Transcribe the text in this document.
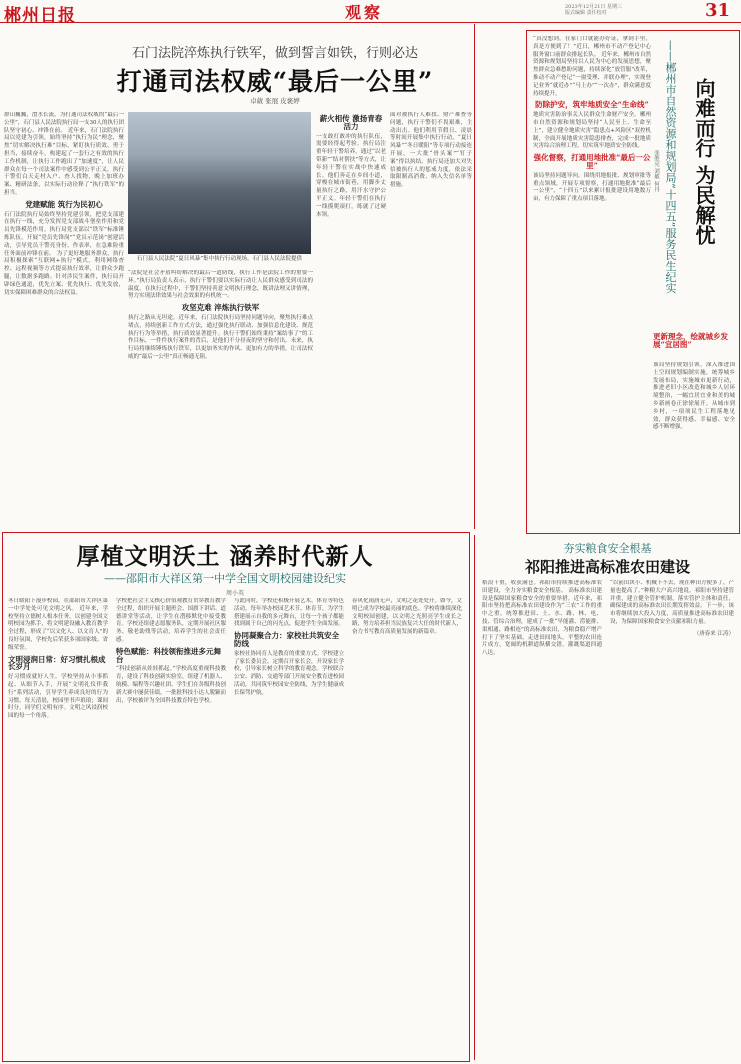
郴州日报	观察	2023年12月21日 星期三
版式编辑 责任校对	31
石门法院淬炼执行铁军，做到誓言如铁，行则必达
打通司法权威“最后一公里”
卓葳 张展 皮褒婷
群山巍巍，澧水长流。为打通司法权威的“最后一公里”，石门县人民法院执行局一支30人的执行团队坚守初心、冲锋在前。 近年来，石门法院执行局以党建为引领，始终坚持“执行为民”理念，聚焦“切实解决执行难”目标，紧盯执行质效，勇于担当，接续奋斗，构建起了一套行之有效的执行工作机制，让执行工作跑出了“加速度”，让人民群众在每一个司法案件中感受到公平正义。执行干警们白天走村入户、查人找物，晚上加班办案、精研法条，以实际行动诠释了“执行铁军”的担当。
党建赋能 筑行为民初心
石门法院执行局始终坚持党建引领，把党支部建在执行一线，充分发挥党支部战斗堡垒作用和党员先锋模范作用。执行局党支部以“铁军”标准锤炼队伍，开展“党员先锋岗”“党员示范岗”创建活动，引导党员干警亮身份、作表率，在急难险重任务面前冲锋在前。 为了更好地服务群众，执行局积极探索“互联网+执行”模式，利用网络查控、远程视频等方式提高执行效率，让群众少跑腿，让数据多跑路。针对涉民生案件，执行局开辟绿色通道，优先立案、优先执行、优先发放，切实保障困难群众的合法权益。
石门县人民法院“夏日风暴”集中执行行动现场。石门县人民法院提供
薪火相传 激扬青春活力
一支敢打敢冲的执行队伍，需要经得起考验。执行局注重年轻干警培养，通过“以老带新”“结对帮扶”等方式，让年轻干警在实战中快速成长。他们奔走在乡间小道，穿梭在城市街巷，用脚步丈量执行之路，用汗水守护公平正义。年轻干警们在执行一线摸爬滚打，练就了过硬本领。
面对被执行人难找、财产难查等问题，执行干警们不畏艰难，主动出击。他们利用节假日、凌晨等时间开展集中执行行动，“夏日风暴”“冬日暖阳”等专项行动接连开展，一大批“骨头案”“钉子案”得以执结。执行局还加大对失信被执行人的惩戒力度，依法采取限制高消费、纳入失信名单等措施。
“法院是社会矛盾纠纷解决的最后一道防线，执行工作是法院工作的重要一环。”执行局负责人表示，执行干警们要以实际行动让人民群众感受到司法的温度。在执行过程中，干警们坚持善意文明执行理念，既讲法理又讲情理，努力实现法律效果与社会效果的有机统一。
攻坚克难 淬炼执行铁军
执行之路从无坦途。近年来，石门法院执行局坚持问题导向，聚焦执行难点堵点，持续创新工作方式方法，通过强化执行联动、加强信息化建设、规范执行行为等举措，执行质效显著提升。执行干警们始终秉持“案结事了”的工作目标，一件件执行案件的背后，是他们不分昼夜的坚守和付出。未来，执行局将继续锤炼执行铁军，以更加务实的作风、更加有力的举措，让司法权威的“最后一公里”真正畅通无阻。
向难而行 为民解忧
——郴州市自然资源和规划局“十四五”服务民生纪实
张胜亮 刘敏 何丹
“真没想到，在家门口就能办好证，拿到手里，真是方便到了！”近日，郴州市不动产登记中心服务窗口前群众排起长队。 近年来，郴州市自然资源和规划局坚持以人民为中心的发展思想，聚焦群众急难愁盼问题，持续深化“放管服”改革，推动不动产登记“一窗受理、并联办理”，实现登记业务“就近办”“马上办”“一次办”，群众满意度持续提升。
防除护安，筑牢地质安全“生命线”
地质灾害防治事关人民群众生命财产安全。郴州市自然资源和规划局坚持“人民至上、生命至上”，建立健全地质灾害“隐患点+风险区”双控机制，全面开展地质灾害隐患排查，完成一批地质灾害综合治理工程，切实筑牢地质安全防线。
强化督察，打通用地批准“最后一公里”
该局坚持问题导向，围绕用地报批、规划审批等重点领域，开展专项督察，打通用地批准“最后一公里”，“十四五”以来累计报批建设用地数万亩，有力保障了重点项目落地。
更新理念，绘就城乡发展“宜居图”
该局坚持规划引领，深入推进国土空间规划编制实施，统筹城乡发展布局，实施城市更新行动，推进老旧小区改造和城乡人居环境整治，一幅宜居宜业和美的城乡新画卷正徐徐展开。从城市到乡村，一项项民生工程落地见效，群众获得感、幸福感、安全感不断增强。
厚植文明沃土 涵养时代新人
——邵阳市大祥区第一中学全国文明校园建设纪实
周小英
冬日暖阳下漫步校园，在邵阳市大祥区第一中学处处可见文明之风。 近年来，学校坚持立德树人根本任务，以创建全国文明校园为抓手，将文明建设融入教育教学全过程，形成了“以文化人、以文育人”的良好氛围，学校先后荣获多项国家级、省级荣誉。
文明浸润日常：好习惯扎根成长岁月
好习惯成就好人生。学校坚持从小事抓起、从细节入手，开展“文明礼仪伴我行”系列活动，引导学生养成良好的行为习惯。每天清晨，校园里书声琅琅；课间时分，同学们文明有序。文明之风浸润校园的每一个角落。
学校把社会主义核心价值观教育贯穿教育教学全过程，组织开展主题班会、国旗下讲话、道德讲堂等活动，让学生在潜移默化中接受教育。学校还组建志愿服务队，定期开展社区服务、敬老助残等活动，培养学生的社会责任感。
特色赋能：科技领衔推进多元舞台
“科技创新从娃娃抓起。”学校高度重视科技教育，建设了科技创新实验室，组建了机器人、航模、编程等兴趣社团。学生们在各级科技创新大赛中屡获佳绩，一批批科技小达人脱颖而出，学校被评为全国科技教育特色学校。
与此同时，学校还积极开展艺术、体育等特色活动，每年举办校园艺术节、体育节，为学生搭建展示自我的多元舞台，让每一个孩子都能找到属于自己的闪光点，促进学生全面发展。
协同凝聚合力：家校社共筑安全防线
家校社协同育人是教育的重要方式。学校建立了家长委员会，定期召开家长会，开设家长学校，引导家长树立科学的教育观念。学校联合公安、消防、交通等部门开展安全教育进校园活动，共同筑牢校园安全防线，为学生健康成长保驾护航。
春风化雨润无声，文明之花处处开。如今，文明已成为学校最亮丽的底色。学校将继续深化文明校园创建，以文明之光照亮学生成长之路，努力培养担当民族复兴大任的时代新人，奋力书写教育高质量发展的新篇章。
夯实粮食安全根基
祁阳推进高标准农田建设
稻浪千重，收获满仓。祁阳市持续推进高标准农田建设，全力夯实粮食安全根基。 高标准农田建设是保障国家粮食安全的重要举措。近年来，祁阳市坚持把高标准农田建设作为“三农”工作的重中之重，统筹推进田、土、水、路、林、电、技、管综合治理，建成了一批“旱能灌、涝能排、渠相通、路相连”的高标准农田，为粮食稳产增产打下了坚实基础。走进田间地头，平整的农田连片成方，宽阔的机耕道纵横交错，灌溉渠道四通八达。
“以前田块小、机械下不去，现在种田方便多了，产量也提高了。”种粮大户高兴地说。祁阳市坚持建管并重，建立健全管护机制，落实管护主体和责任，确保建成的高标准农田长期发挥效益。下一步，该市将继续加大投入力度，高质量推进高标准农田建设，为保障国家粮食安全贡献祁阳力量。
（唐春来 江涛）
